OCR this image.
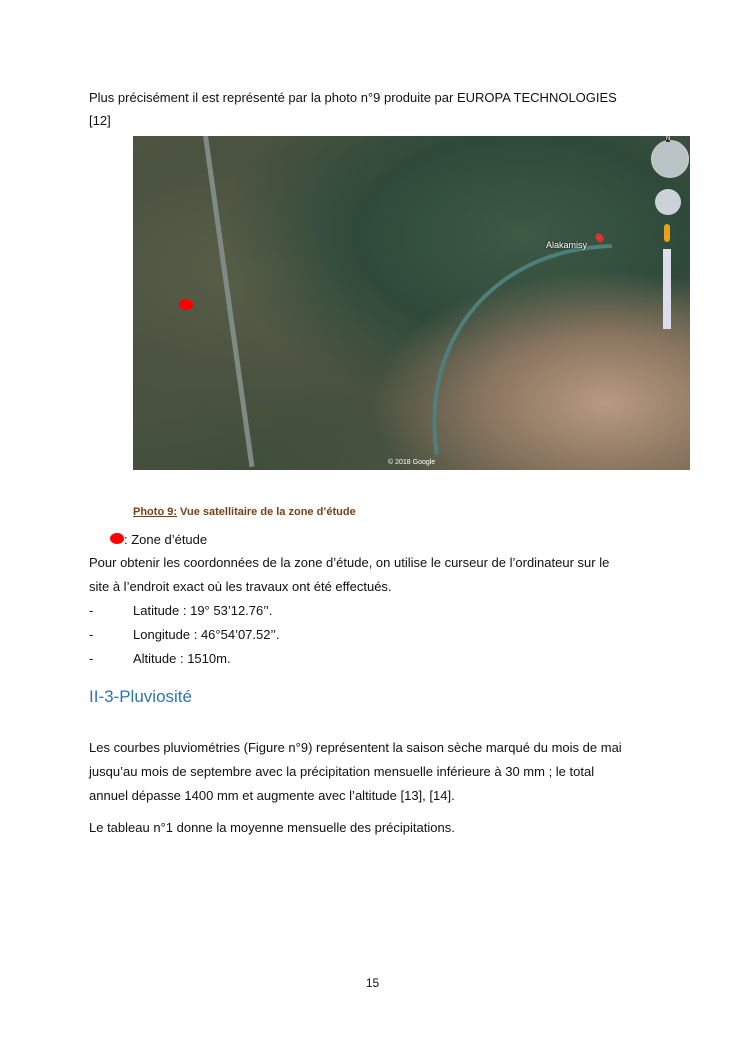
Plus précisément il est représenté par la photo n°9 produite par EUROPA TECHNOLOGIES
[12]
Alakamisy
© 2018 Google
N
Photo 9: Vue satellitaire de la zone d’étude
: Zone d’étude
Pour obtenir les coordonnées de la zone d’étude, on utilise le curseur de l’ordinateur sur le
site à l’endroit exact où les travaux ont été effectués.
-	Latitude : 19° 53’12.76’’.
-	Longitude : 46°54’07.52’’.
-	Altitude : 1510m.
II-3-Pluviosité
Les courbes pluviométries (Figure n°9) représentent la saison sèche marqué du mois de mai
jusqu’au mois de septembre avec la précipitation mensuelle inférieure à 30 mm ; le total
annuel dépasse 1400 mm et augmente avec l’altitude [13], [14].
Le tableau n°1 donne la moyenne mensuelle des précipitations.
15
